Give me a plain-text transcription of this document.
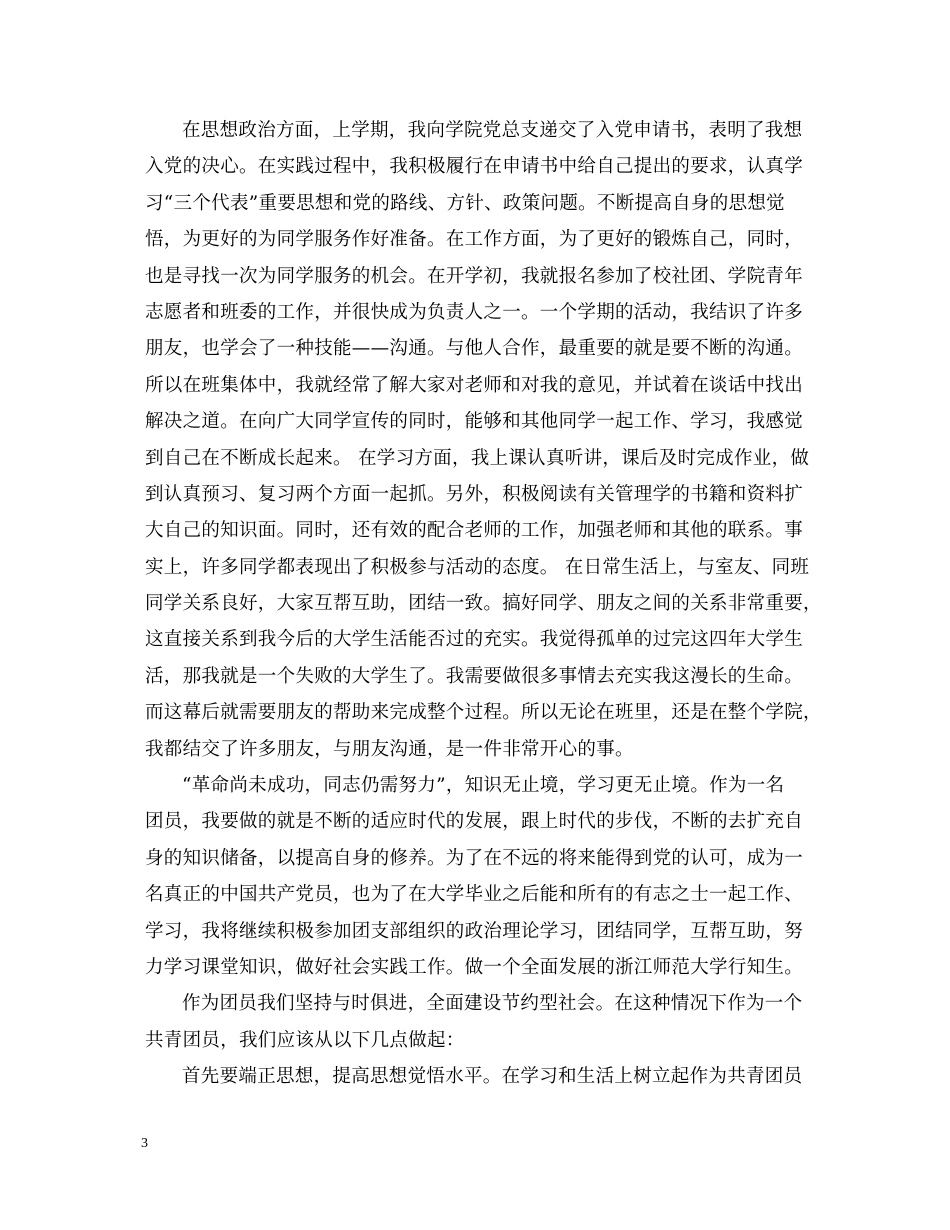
在思想政治方面，上学期，我向学院党总支递交了入党申请书，表明了我想
入党的决心。在实践过程中，我积极履行在申请书中给自己提出的要求，认真学
习“三个代表”重要思想和党的路线、方针、政策问题。不断提高自身的思想觉
悟，为更好的为同学服务作好准备。在工作方面，为了更好的锻炼自己，同时，
也是寻找一次为同学服务的机会。在开学初，我就报名参加了校社团、学院青年
志愿者和班委的工作，并很快成为负责人之一。一个学期的活动，我结识了许多
朋友，也学会了一种技能——沟通。与他人合作，最重要的就是要不断的沟通。
所以在班集体中，我就经常了解大家对老师和对我的意见，并试着在谈话中找出
解决之道。在向广大同学宣传的同时，能够和其他同学一起工作、学习，我感觉
到自己在不断成长起来。 在学习方面，我上课认真听讲，课后及时完成作业，做
到认真预习、复习两个方面一起抓。另外，积极阅读有关管理学的书籍和资料扩
大自己的知识面。同时，还有效的配合老师的工作，加强老师和其他的联系。事
实上，许多同学都表现出了积极参与活动的态度。 在日常生活上，与室友、同班
同学关系良好，大家互帮互助，团结一致。搞好同学、朋友之间的关系非常重要，
这直接关系到我今后的大学生活能否过的充实。我觉得孤单的过完这四年大学生
活，那我就是一个失败的大学生了。我需要做很多事情去充实我这漫长的生命。
而这幕后就需要朋友的帮助来完成整个过程。所以无论在班里，还是在整个学院，
我都结交了许多朋友，与朋友沟通，是一件非常开心的事。
“革命尚未成功，同志仍需努力”，知识无止境，学习更无止境。作为一名
团员，我要做的就是不断的适应时代的发展，跟上时代的步伐，不断的去扩充自
身的知识储备，以提高自身的修养。为了在不远的将来能得到党的认可，成为一
名真正的中国共产党员，也为了在大学毕业之后能和所有的有志之士一起工作、
学习，我将继续积极参加团支部组织的政治理论学习，团结同学，互帮互助，努
力学习课堂知识，做好社会实践工作。做一个全面发展的浙江师范大学行知生。
作为团员我们坚持与时俱进，全面建设节约型社会。在这种情况下作为一个
共青团员，我们应该从以下几点做起：
首先要端正思想，提高思想觉悟水平。在学习和生活上树立起作为共青团员
3
